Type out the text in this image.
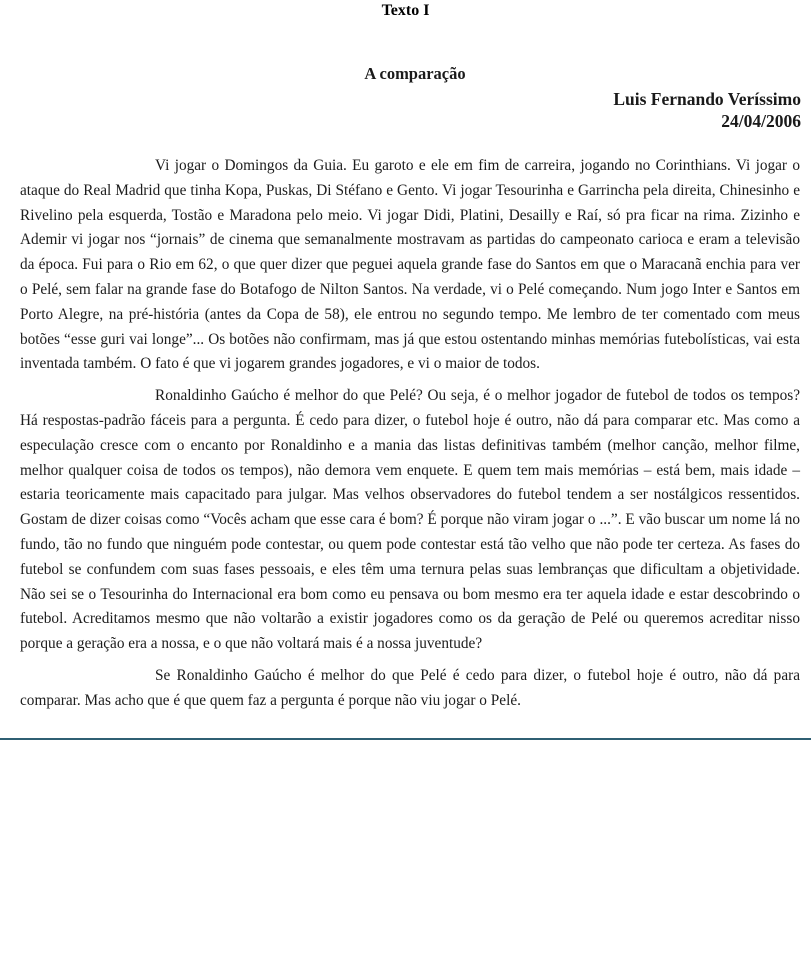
Texto I
A comparação
Luis Fernando Veríssimo
24/04/2006

Vi jogar o Domingos da Guia. Eu garoto e ele em fim de carreira, jogando no Corinthians. Vi jogar o ataque do Real Madrid que tinha Kopa, Puskas, Di Stéfano e Gento. Vi jogar Tesourinha e Garrincha pela direita, Chinesinho e Rivelino pela esquerda, Tostão e Maradona pelo meio. Vi jogar Didi, Platini, Desailly e Raí, só pra ficar na rima. Zizinho e Ademir vi jogar nos “jornais” de cinema que semanalmente mostravam as partidas do campeonato carioca e eram a televisão da época. Fui para o Rio em 62, o que quer dizer que peguei aquela grande fase do Santos em que o Maracanã enchia para ver o Pelé, sem falar na grande fase do Botafogo de Nilton Santos. Na verdade, vi o Pelé começando. Num jogo Inter e Santos em Porto Alegre, na pré-história (antes da Copa de 58), ele entrou no segundo tempo. Me lembro de ter comentado com meus botões “esse guri vai longe”... Os botões não confirmam, mas já que estou ostentando minhas memórias futebolísticas, vai esta inventada também. O fato é que vi jogarem grandes jogadores, e vi o maior de todos.

Ronaldinho Gaúcho é melhor do que Pelé? Ou seja, é o melhor jogador de futebol de todos os tempos? Há respostas-padrão fáceis para a pergunta. É cedo para dizer, o futebol hoje é outro, não dá para comparar etc. Mas como a especulação cresce com o encanto por Ronaldinho e a mania das listas definitivas também (melhor canção, melhor filme, melhor qualquer coisa de todos os tempos), não demora vem enquete. E quem tem mais memórias – está bem, mais idade – estaria teoricamente mais capacitado para julgar. Mas velhos observadores do futebol tendem a ser nostálgicos ressentidos. Gostam de dizer coisas como “Vocês acham que esse cara é bom? É porque não viram jogar o ...”. E vão buscar um nome lá no fundo, tão no fundo que ninguém pode contestar, ou quem pode contestar está tão velho que não pode ter certeza. As fases do futebol se confundem com suas fases pessoais, e eles têm uma ternura pelas suas lembranças que dificultam a objetividade. Não sei se o Tesourinha do Internacional era bom como eu pensava ou bom mesmo era ter aquela idade e estar descobrindo o futebol. Acreditamos mesmo que não voltarão a existir jogadores como os da geração de Pelé ou queremos acreditar nisso porque a geração era a nossa, e o que não voltará mais é a nossa juventude?

Se Ronaldinho Gaúcho é melhor do que Pelé é cedo para dizer, o futebol hoje é outro, não dá para comparar. Mas acho que é que quem faz a pergunta é porque não viu jogar o Pelé.
